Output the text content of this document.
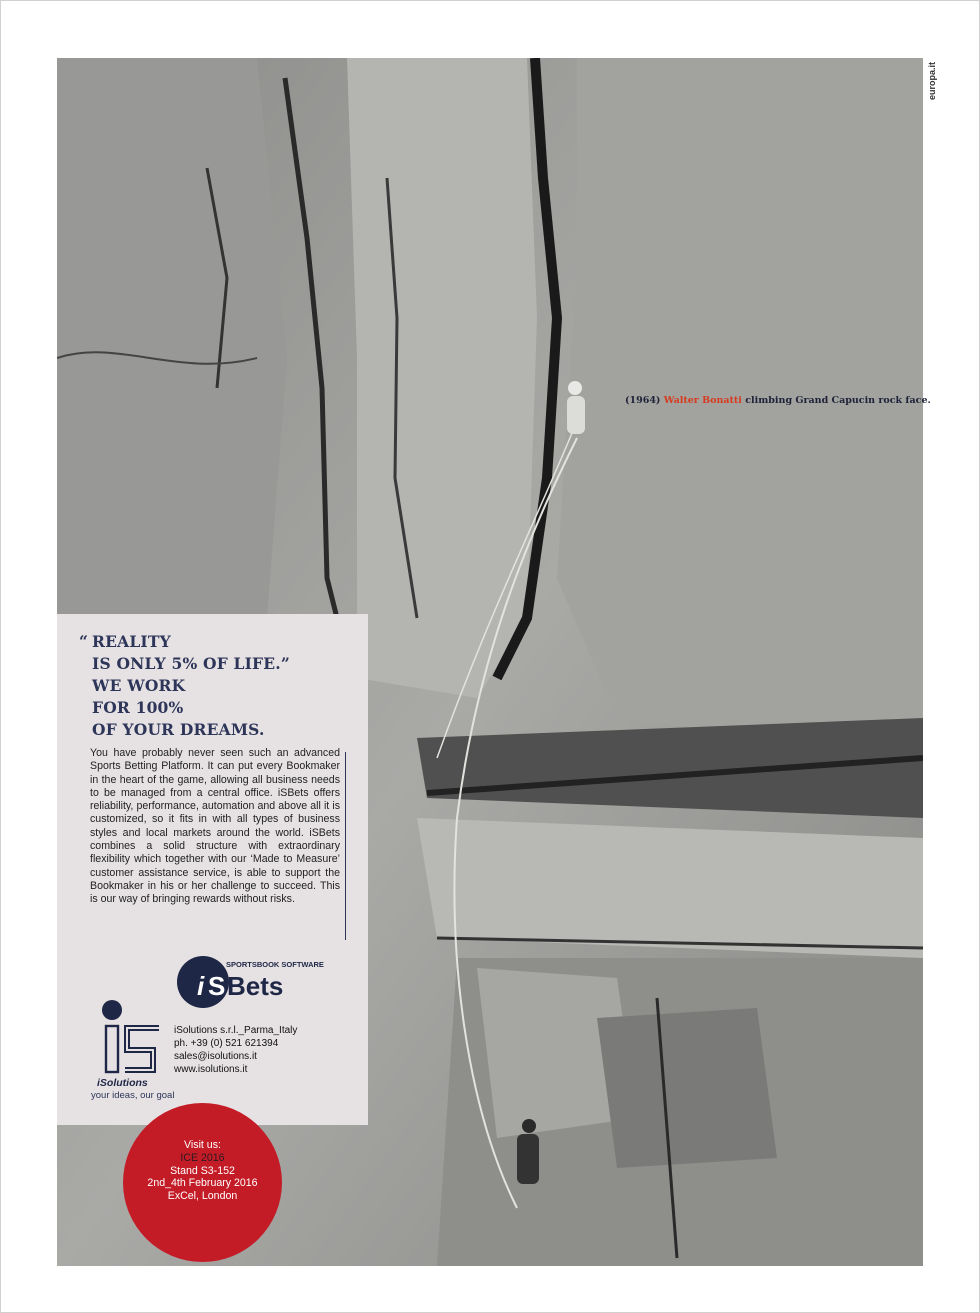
europa.it
(1964) Walter Bonatti climbing Grand Capucin rock face.
“ REALITY
IS ONLY 5% OF LIFE.”
WE WORK
FOR 100%
OF YOUR DREAMS.
You have probably never seen such an advanced Sports Betting Platform. It can put every Bookmaker in the heart of the game, allowing all business needs to be managed from a central office. iSBets offers reliability, performance, automation and above all it is customized, so it fits in with all types of business styles and local markets around the world. iSBets combines a solid structure with extraordinary flexibility which together with our ‘Made to Measure’ customer assistance service, is able to support the Bookmaker in his or her challenge to succeed. This is our way of bringing rewards without risks.
SPORTSBOOK SOFTWARE
i S Bets
iSolutions
your ideas, our goal
iSolutions s.r.l._Parma_Italy
ph. +39 (0) 521 621394
sales@isolutions.it
www.isolutions.it
Visit us:
ICE 2016
Stand S3-152
2nd_4th February 2016
ExCel, London
